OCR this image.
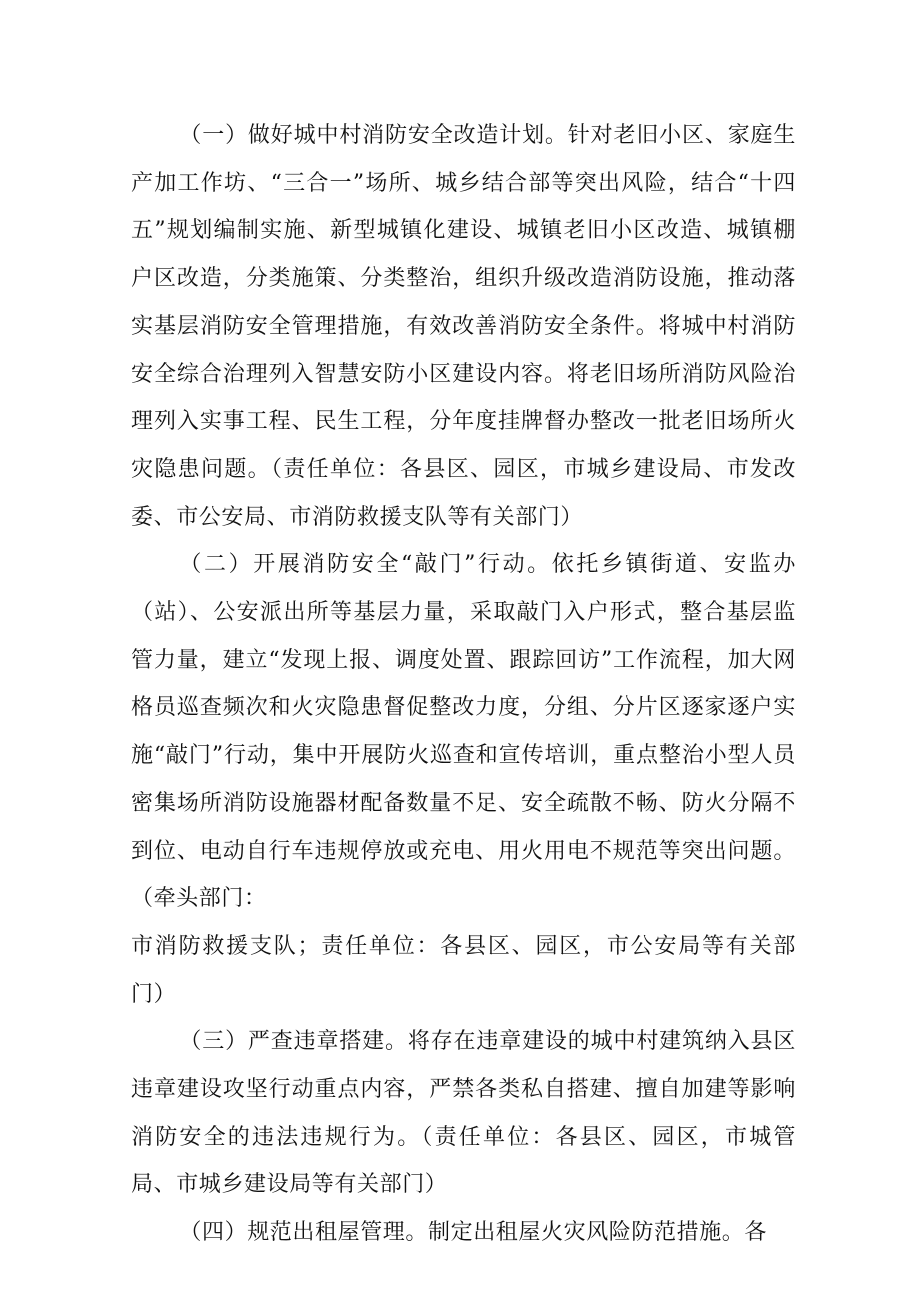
（一）做好城中村消防安全改造计划。针对老旧小区、家庭生产加工作坊、“三合一”场所、城乡结合部等突出风险，结合“十四五”规划编制实施、新型城镇化建设、城镇老旧小区改造、城镇棚户区改造，分类施策、分类整治，组织升级改造消防设施，推动落实基层消防安全管理措施，有效改善消防安全条件。将城中村消防安全综合治理列入智慧安防小区建设内容。将老旧场所消防风险治理列入实事工程、民生工程，分年度挂牌督办整改一批老旧场所火灾隐患问题。（责任单位：各县区、园区，市城乡建设局、市发改委、市公安局、市消防救援支队等有关部门）

（二）开展消防安全“敲门”行动。依托乡镇街道、安监办（站）、公安派出所等基层力量，采取敲门入户形式，整合基层监管力量，建立“发现上报、调度处置、跟踪回访”工作流程，加大网格员巡查频次和火灾隐患督促整改力度，分组、分片区逐家逐户实施“敲门”行动，集中开展防火巡查和宣传培训，重点整治小型人员密集场所消防设施器材配备数量不足、安全疏散不畅、防火分隔不到位、电动自行车违规停放或充电、用火用电不规范等突出问题。（牵头部门：

市消防救援支队；责任单位：各县区、园区，市公安局等有关部门）

（三）严查违章搭建。将存在违章建设的城中村建筑纳入县区违章建设攻坚行动重点内容，严禁各类私自搭建、擅自加建等影响消防安全的违法违规行为。（责任单位：各县区、园区，市城管局、市城乡建设局等有关部门）

（四）规范出租屋管理。制定出租屋火灾风险防范措施。各
